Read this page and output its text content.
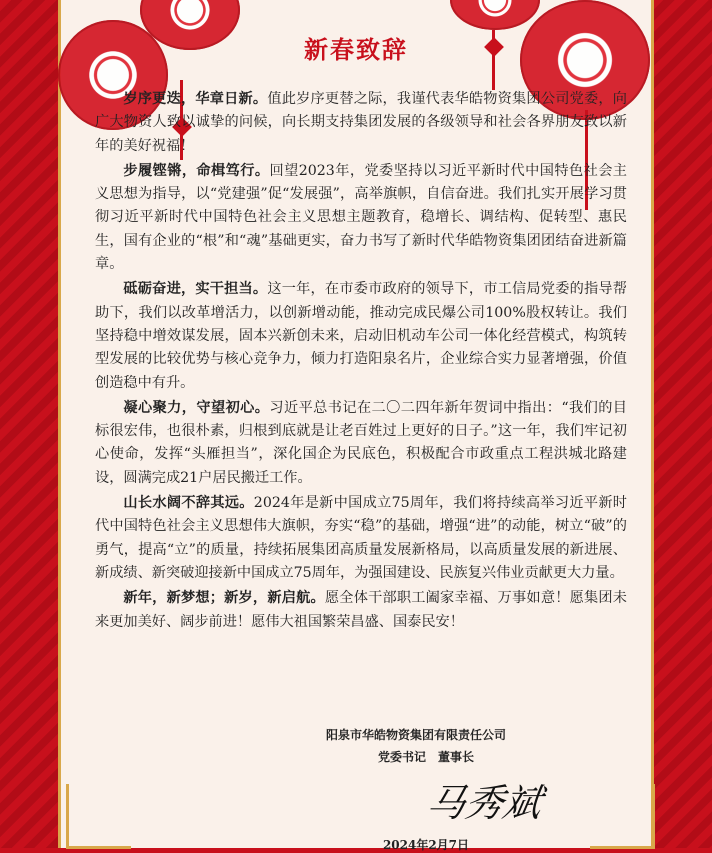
新春致辞

岁序更迭，华章日新。值此岁序更替之际，我谨代表华皓物资集团公司党委，向广大物资人致以诚挚的问候，向长期支持集团发展的各级领导和社会各界朋友致以新年的美好祝福！

步履铿锵，命楫笃行。回望2023年，党委坚持以习近平新时代中国特色社会主义思想为指导，以“党建强”促“发展强”，高举旗帜，自信奋进。我们扎实开展学习贯彻习近平新时代中国特色社会主义思想主题教育，稳增长、调结构、促转型、惠民生，国有企业的“根”和“魂”基础更实，奋力书写了新时代华皓物资集团团结奋进新篇章。

砥砺奋进，实干担当。这一年，在市委市政府的领导下，市工信局党委的指导帮助下，我们以改革增活力，以创新增动能，推动完成民爆公司100%股权转让。我们坚持稳中增效谋发展，固本兴新创未来，启动旧机动车公司一体化经营模式，构筑转型发展的比较优势与核心竞争力，倾力打造阳泉名片，企业综合实力显著增强，价值创造稳中有升。

凝心聚力，守望初心。习近平总书记在二〇二四年新年贺词中指出：“我们的目标很宏伟，也很朴素，归根到底就是让老百姓过上更好的日子。”这一年，我们牢记初心使命，发挥“头雁担当”，深化国企为民底色，积极配合市政重点工程洪城北路建设，圆满完成21户居民搬迁工作。

山长水阔不辞其远。2024年是新中国成立75周年，我们将持续高举习近平新时代中国特色社会主义思想伟大旗帜，夯实“稳”的基础，增强“进”的动能，树立“破”的勇气，提高“立”的质量，持续拓展集团高质量发展新格局，以高质量发展的新进展、新成绩、新突破迎接新中国成立75周年，为强国建设、民族复兴伟业贡献更大力量。

新年，新梦想；新岁，新启航。愿全体干部职工阖家幸福、万事如意！愿集团未来更加美好、阔步前进！愿伟大祖国繁荣昌盛、国泰民安！

阳泉市华皓物资集团有限责任公司
党委书记　董事长
马秀斌
2024年2月7日
